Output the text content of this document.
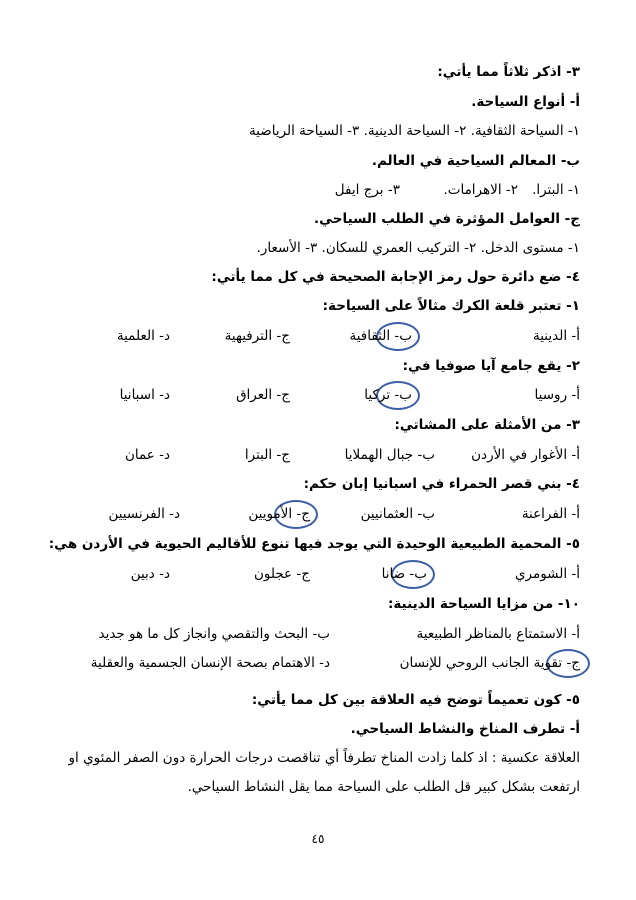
٣- اذكر ثلاثاً مما يأتي:
أ- أنواع السياحة.
١- السياحة الثقافية. ٢- السياحة الدينية. ٣- السياحة الرياضية
ب- المعالم السياحية في العالم.
١- البترا.
٢- الاهرامات.
٣- برج ايفل
ج- العوامل المؤثرة في الطلب السياحي.
١- مستوى الدخل. ٢- التركيب العمري للسكان. ٣- الأسعار.
٤- ضع دائرة حول رمز الإجابة الصحيحة في كل مما يأتي:
١- تعتبر قلعة الكرك مثالاً على السياحة:
أ- الدينية
ب- الثقافية
ج- الترفيهية
د- العلمية
٢- يقع جامع آيا صوفيا في:
أ- روسيا
ب- تركيا
ج- العراق
د- اسبانيا
٣- من الأمثلة على المشاتي:
أ- الأغوار في الأردن
ب- جبال الهملايا
ج- البترا
د- عمان
٤- بني قصر الحمراء في اسبانيا إبان حكم:
أ- الفراعنة
ب- العثمانيين
ج- الأمويين
د- الفرنسيين
٥- المحمية الطبيعية الوحيدة التي يوجد فيها تنوع للأقاليم الحيوية في الأردن هي:
أ- الشومري
ب- ضانا
ج- عجلون
د- دبين
١٠- من مزايا السياحة الدينية:
أ- الاستمتاع بالمناظر الطبيعية
ب- البحث والتقصي وانجاز كل ما هو جديد
ج- تقوية الجانب الروحي للإنسان
د- الاهتمام بصحة الإنسان الجسمية والعقلية
٥- كون تعميماً توضح فيه العلاقة بين كل مما يأتي:
أ- تطرف المناخ والنشاط السياحي.
العلاقة عكسية : اذ كلما زادت المناخ تطرفاً أي تناقصت درجات الحرارة دون الصفر المئوي او
ارتفعت بشكل كبير قل الطلب على السياحة مما يقل النشاط السياحي.
٤٥
